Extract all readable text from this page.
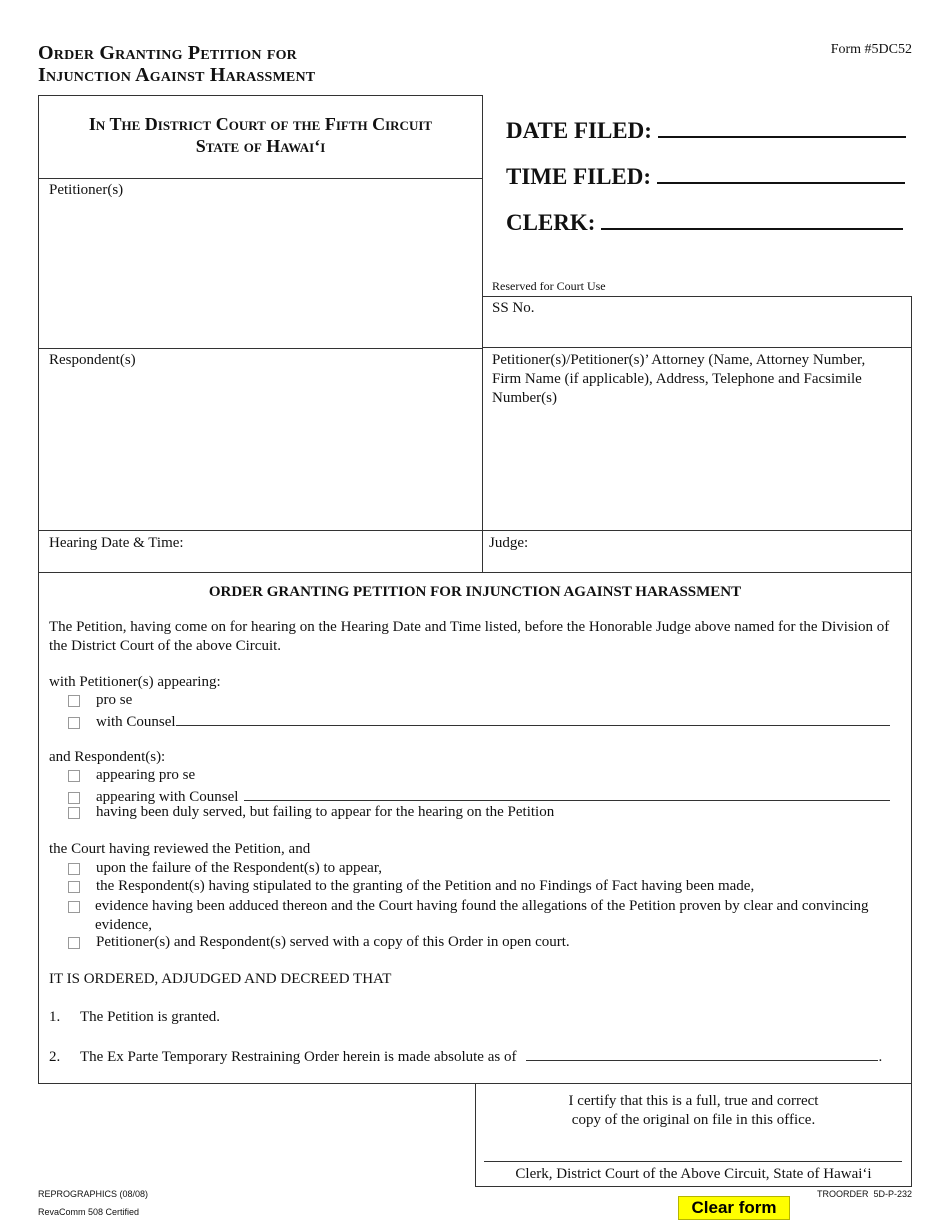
Order Granting Petition for
Injunction Against Harassment
Form #5DC52
In The District Court of the Fifth Circuit
State of Hawai‘i
Petitioner(s)
Respondent(s)
Hearing Date & Time:
DATE FILED:
TIME FILED:
CLERK:
Reserved for Court Use
SS No.
Petitioner(s)/Petitioner(s)’ Attorney (Name, Attorney Number, Firm Name (if applicable), Address, Telephone and Facsimile Number(s)
Judge:
ORDER GRANTING PETITION FOR INJUNCTION AGAINST HARASSMENT
The Petition, having come on for hearing on the Hearing Date and Time listed, before the Honorable Judge above named for the Division of the District Court of the above Circuit.
with Petitioner(s) appearing:
pro se
with Counsel
and Respondent(s):
appearing pro se
appearing with Counsel
having been duly served, but failing to appear for the hearing on the Petition
the Court having reviewed the Petition, and
upon the failure of the Respondent(s) to appear,
the Respondent(s) having stipulated to the granting of the Petition and no Findings of Fact having been made,
evidence having been adduced thereon and the Court having found the allegations of the Petition proven by clear and convincing evidence,
Petitioner(s) and Respondent(s) served with a copy of this Order in open court.
IT IS ORDERED, ADJUDGED AND DECREED THAT
1. The Petition is granted.
2. The Ex Parte Temporary Restraining Order herein is made absolute as of	.
I certify that this is a full, true and correct
copy of the original on file in this office.
Clerk, District Court of the Above Circuit, State of Hawai‘i
REPROGRAPHICS (08/08)
RevaComm 508 Certified
TROORDER  5D-P-232
Clear form
